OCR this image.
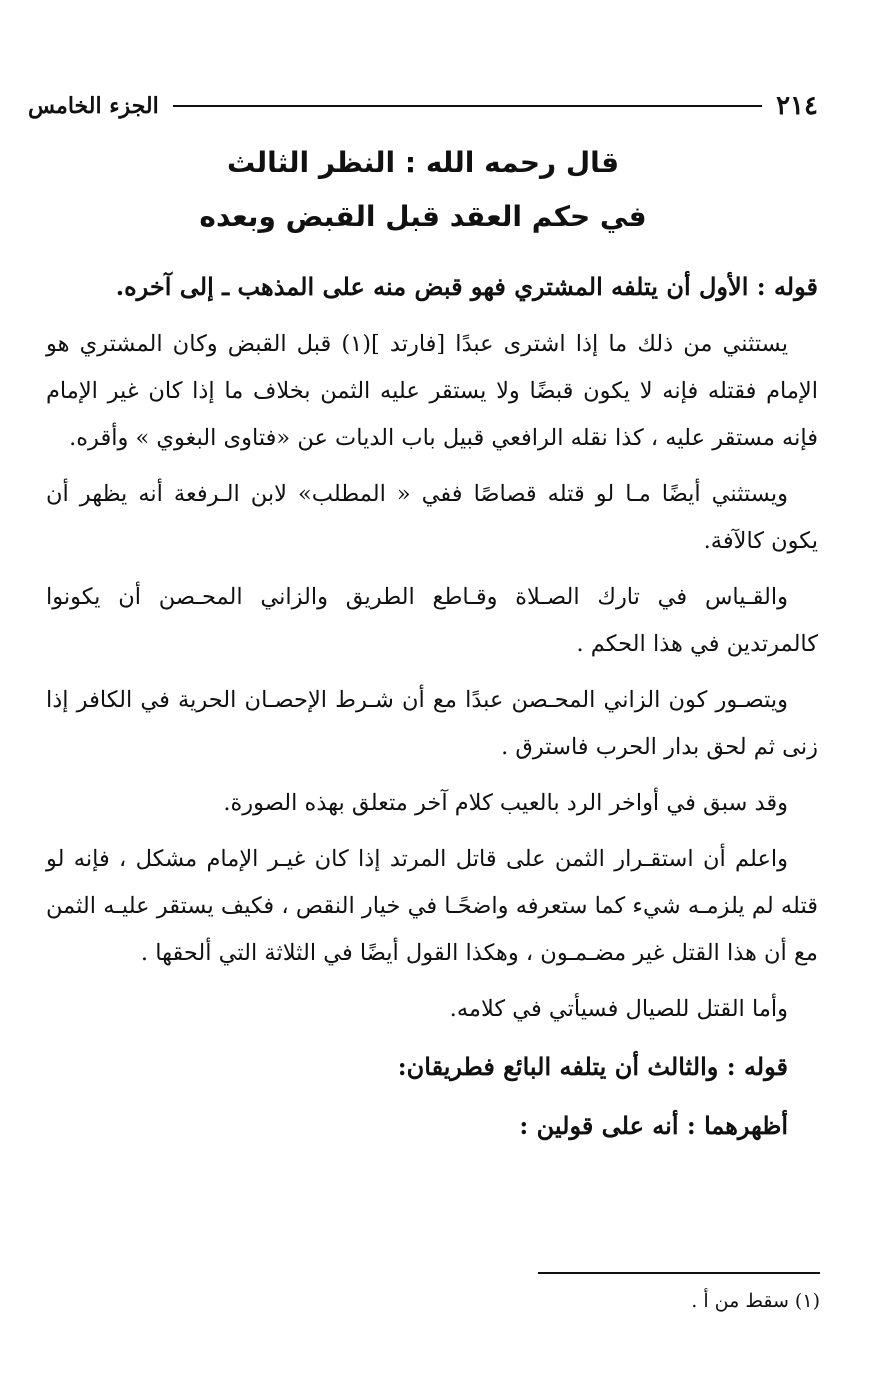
٢١٤
الجزء الخامس
قال رحمه الله : النظر الثالث
في حكم العقد قبل القبض وبعده

قوله : الأول أن يتلفه المشتري فهو قبض منه على المذهب ـ إلى آخره.

يستثني من ذلك ما إذا اشترى عبدًا [فارتد ](١) قبل القبض وكان المشتري هو الإمام فقتله فإنه لا يكون قبضًا ولا يستقر عليه الثمن بخلاف ما إذا كان غير الإمام فإنه مستقر عليه ، كذا نقله الرافعي قبيل باب الديات عن «فتاوى البغوي » وأقره.

ويستثني أيضًا مـا لو قتله قصاصًا ففي « المطلب» لابن الـرفعة أنه يظهر أن يكون كالآفة.

والقـياس في تارك الصـلاة وقـاطع الطريق والزاني المحـصن أن يكونوا كالمرتدين في هذا الحكم .

ويتصـور كون الزاني المحـصن عبدًا مع أن شـرط الإحصـان الحرية في الكافر إذا زنى ثم لحق بدار الحرب فاسترق .

وقد سبق في أواخر الرد بالعيب كلام آخر متعلق بهذه الصورة.

واعلم أن استقـرار الثمن على قاتل المرتد إذا كان غيـر الإمام مشكل ، فإنه لو قتله لم يلزمـه شيء كما ستعرفه واضحًـا في خيار النقص ، فكيف يستقر عليـه الثمن مع أن هذا القتل غير مضـمـون ، وهكذا القول أيضًا في الثلاثة التي ألحقها .

وأما القتل للصيال فسيأتي في كلامه.

قوله : والثالث أن يتلفه البائع فطريقان:

أظهرهما : أنه على قولين :

(١) سقط من أ .
